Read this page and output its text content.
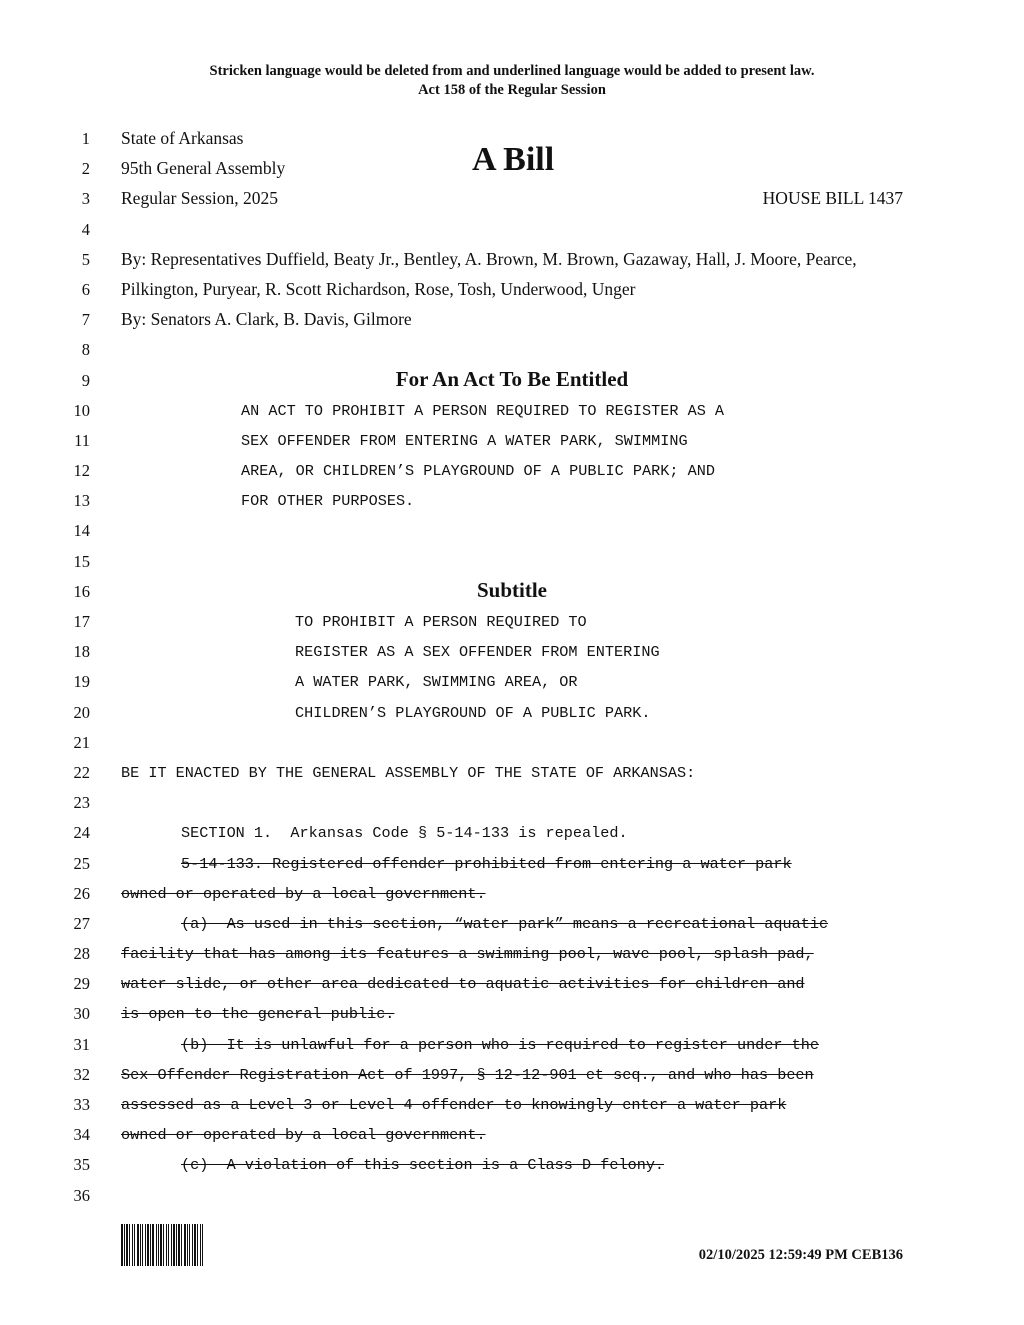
Stricken language would be deleted from and underlined language would be added to present law.
Act 158 of the Regular Session
A Bill
1 State of Arkansas
2 95th General Assembly
3 Regular Session, 2025	HOUSE BILL 1437
4
5 By: Representatives Duffield, Beaty Jr., Bentley, A. Brown, M. Brown, Gazaway, Hall, J. Moore, Pearce,
6 Pilkington, Puryear, R. Scott Richardson, Rose, Tosh, Underwood, Unger
7 By: Senators A. Clark, B. Davis, Gilmore
8
9	For An Act To Be Entitled
10	AN ACT TO PROHIBIT A PERSON REQUIRED TO REGISTER AS A
11	SEX OFFENDER FROM ENTERING A WATER PARK, SWIMMING
12	AREA, OR CHILDREN’S PLAYGROUND OF A PUBLIC PARK; AND
13	FOR OTHER PURPOSES.
14
15
16	Subtitle
17	TO PROHIBIT A PERSON REQUIRED TO
18	REGISTER AS A SEX OFFENDER FROM ENTERING
19	A WATER PARK, SWIMMING AREA, OR
20	CHILDREN’S PLAYGROUND OF A PUBLIC PARK.
21
22 BE IT ENACTED BY THE GENERAL ASSEMBLY OF THE STATE OF ARKANSAS:
23
24	SECTION 1.  Arkansas Code § 5-14-133 is repealed.
25	5-14-133. Registered offender prohibited from entering a water park
26 owned or operated by a local government.
27	(a)  As used in this section, “water park” means a recreational aquatic
28 facility that has among its features a swimming pool, wave pool, splash pad,
29 water slide, or other area dedicated to aquatic activities for children and
30 is open to the general public.
31	(b)  It is unlawful for a person who is required to register under the
32 Sex Offender Registration Act of 1997, § 12-12-901 et seq., and who has been
33 assessed as a Level 3 or Level 4 offender to knowingly enter a water park
34 owned or operated by a local government.
35	(c)  A violation of this section is a Class D felony.
36
02/10/2025 12:59:49 PM CEB136
